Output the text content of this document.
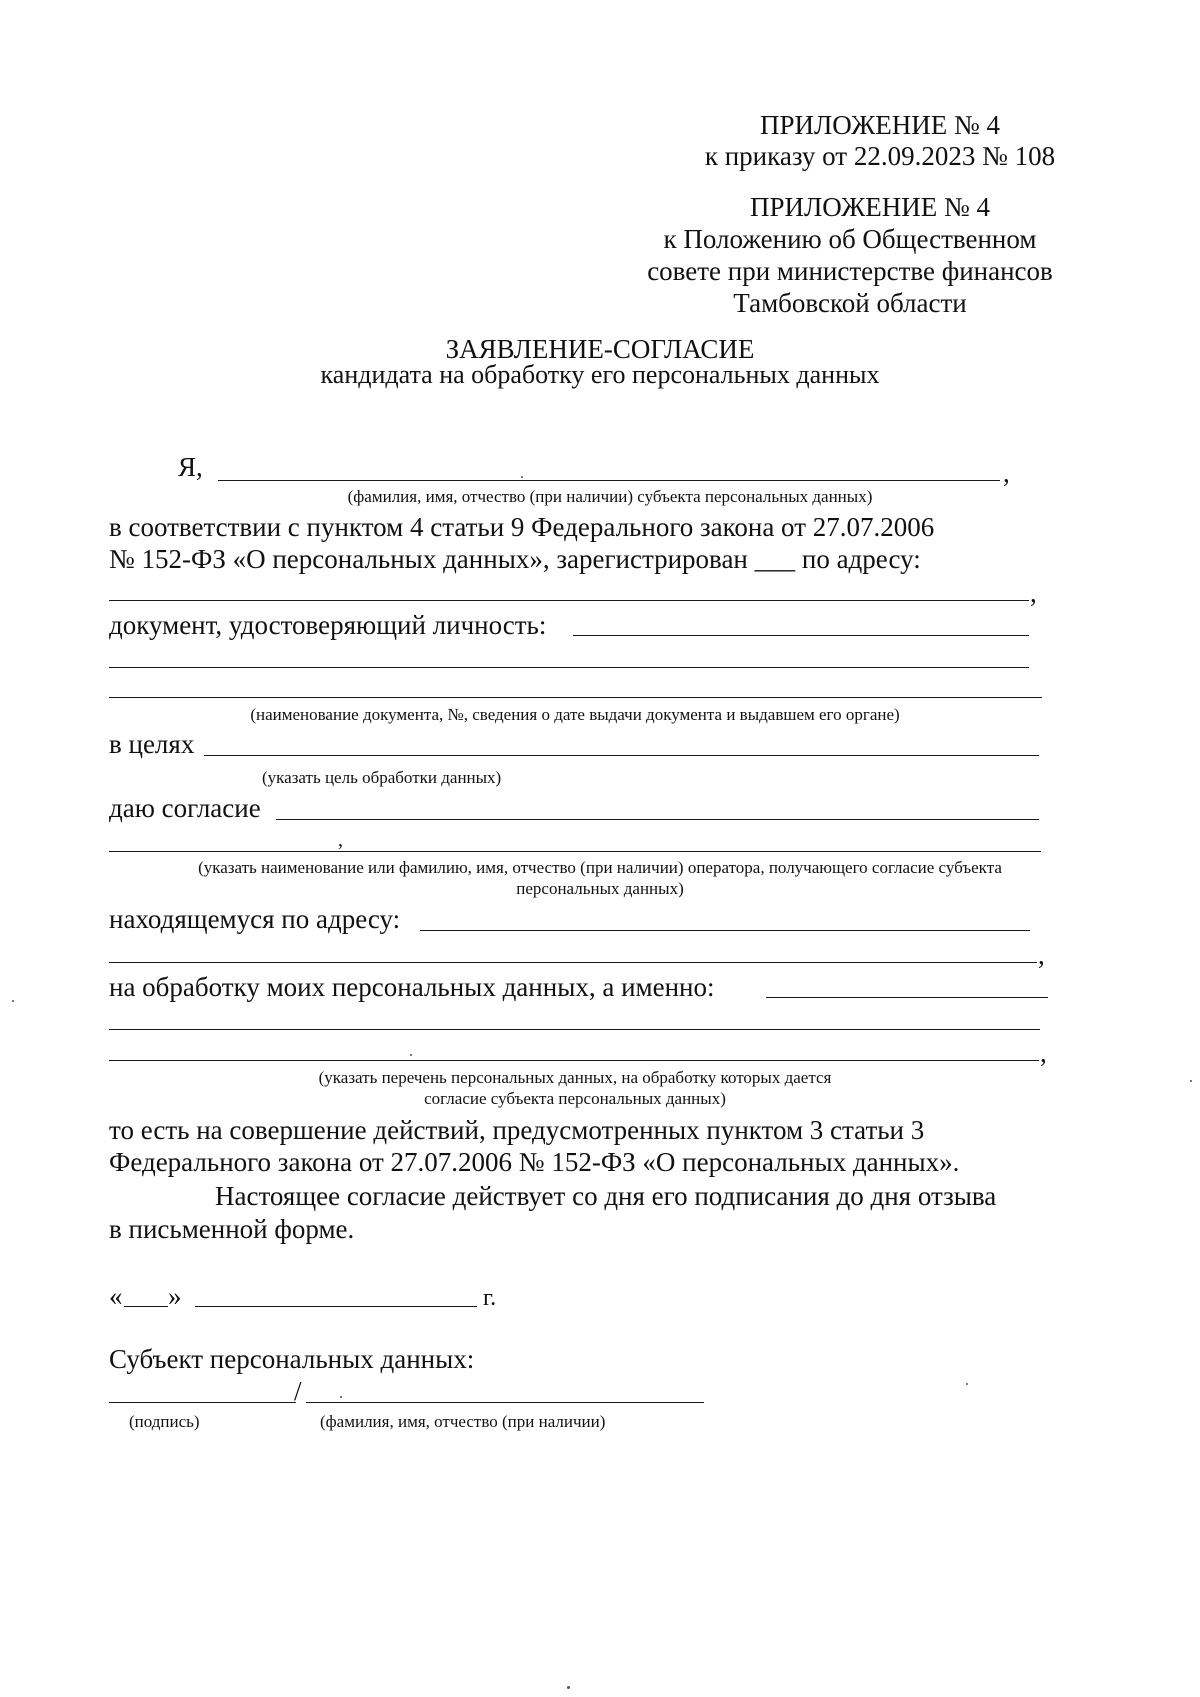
ПРИЛОЖЕНИЕ № 4
к приказу от 22.09.2023 № 108
ПРИЛОЖЕНИЕ № 4
к Положению об Общественном
совете при министерстве финансов
Тамбовской области
ЗАЯВЛЕНИЕ-СОГЛАСИЕ
кандидата на обработку его персональных данных
Я,	,
(фамилия, имя, отчество (при наличии) субъекта персональных данных)
в соответствии с пунктом 4 статьи 9 Федерального закона от 27.07.2006
№ 152-ФЗ «О персональных данных», зарегистрирован ___ по адресу:
,
документ, удостоверяющий личность:
(наименование документа, №, сведения о дате выдачи документа и выдавшем его органе)
в целях
(указать цель обработки данных)
даю согласие
,
(указать наименование или фамилию, имя, отчество (при наличии) оператора, получающего согласие субъекта
персональных данных)
находящемуся по адресу:
,
на обработку моих персональных данных, а именно:
,
(указать перечень персональных данных, на обработку которых дается
согласие субъекта персональных данных)
то есть на совершение действий, предусмотренных пунктом 3 статьи 3
Федерального закона от 27.07.2006 № 152-ФЗ «О персональных данных».
Настоящее согласие действует со дня его подписания до дня отзыва
в письменной форме.
« »	г.
Субъект персональных данных:
/
(подпись)	(фамилия, имя, отчество (при наличии)
